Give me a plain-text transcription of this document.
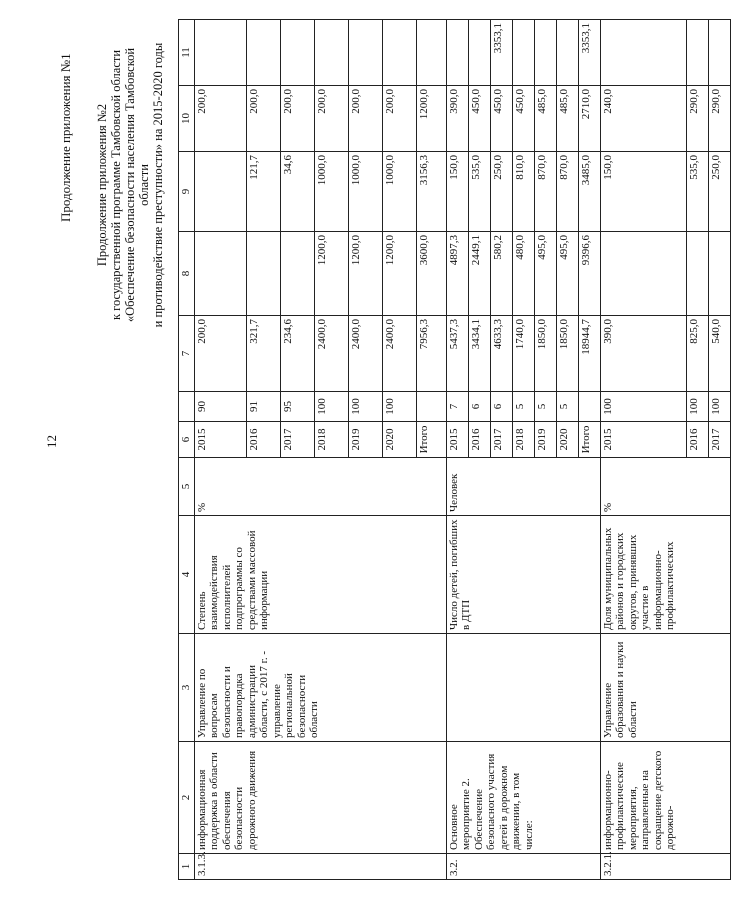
12
Продолжение приложения №1 Продолжение приложения №2 к государственной программе Тамбовской области «Обеспечение безопасности населения Тамбовской области и противодействие преступности» на 2015-2020 годы
1	2	3	4	5	6		7	8	9	10	11
3.1.3.	информационная поддержка в области обеспечения безопасности дорожного движения	Управление по вопросам безопасности и правопорядка администрации области, с 2017 г. - управление региональной безопасности области	Степень взаимодействия исполнителей подпрограммы со средствами массовой информации	%	2015	90	200,0			200,0	
					2016	91	321,7		121,7	200,0	
					2017	95	234,6		34,6	200,0	
					2018	100	2400,0	1200,0	1000,0	200,0	
					2019	100	2400,0	1200,0	1000,0	200,0	
					2020	100	2400,0	1200,0	1000,0	200,0	
					Итого		7956,3	3600,0	3156,3	1200,0	
3.2.	Основное мероприятие 2. Обеспечение безопасного участия детей в дорожном движении, в том числе:		Число детей, погибших в ДТП	Человек	2015	7	5437,3	4897,3	150,0	390,0	
					2016	6	3434,1	2449,1	535,0	450,0	
					2017	6	4633,3	580,2	250,0	450,0	3353,1
					2018	5	1740,0	480,0	810,0	450,0	
					2019	5	1850,0	495,0	870,0	485,0	
					2020	5	1850,0	495,0	870,0	485,0	
					Итого		18944,7	9396,6	3485,0	2710,0	3353,1
3.2.1.	информационно-профилактические мероприятия, направленные на сокращение детского дорожно-	Управление образования и науки области	Доля муниципальных районов и городских округов, принявших участие в информационно-профилактических	%	2015	100	390,0		150,0	240,0	
					2016	100	825,0		535,0	290,0	
					2017	100	540,0		250,0	290,0	
